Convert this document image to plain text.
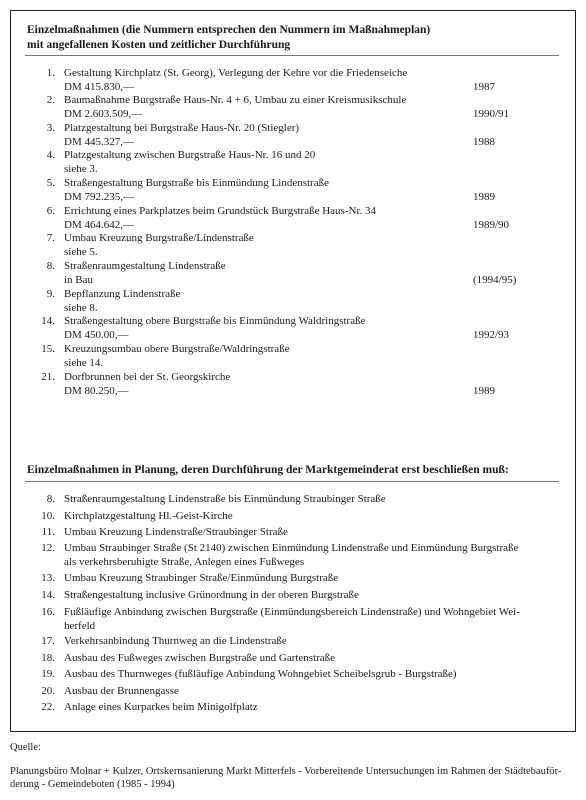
Einzelmaßnahmen (die Nummern entsprechen den Nummern im Maßnahmeplan)
mit angefallenen Kosten und zeitlicher Durchführung
1. Gestaltung Kirchplatz (St. Georg), Verlegung der Kehre vor die Friedenseiche
DM 415.830,—	1987
2. Baumaßnahme Burgstraße Haus-Nr. 4 + 6, Umbau zu einer Kreismusikschule
DM 2.603.509,—	1990/91
3. Platzgestaltung bei Burgstraße Haus-Nr. 20 (Stiegler)
DM 445.327,—	1988
4. Platzgestaltung zwischen Burgstraße Haus-Nr. 16 und 20
siehe 3.
5. Straßengestaltung Burgstraße bis Einmündung Lindenstraße
DM 792.235,—	1989
6. Errichtung eines Parkplatzes beim Grundstück Burgstraße Haus-Nr. 34
DM 464.642,—	1989/90
7. Umbau Kreuzung Burgstraße/Lindenstraße
siehe 5.
8. Straßenraumgestaltung Lindenstraße
in Bau	(1994/95)
9. Bepflanzung Lindenstraße
siehe 8.
14. Straßengestaltung obere Burgstraße bis Einmündung Waldringstraße
DM 450.00,—	1992/93
15. Kreuzungsumbau obere Burgstraße/Waldringstraße
siehe 14.
21. Dorfbrunnen bei der St. Georgskirche
DM 80.250,—	1989
Einzelmaßnahmen in Planung, deren Durchführung der Marktgemeinderat erst beschließen muß:
8. Straßenraumgestaltung Lindenstraße bis Einmündung Straubinger Straße
10. Kirchplatzgestaltung Hl.-Geist-Kirche
11. Umbau Kreuzung Lindenstraße/Straubinger Straße
12. Umbau Straubinger Straße (St 2140) zwischen Einmündung Lindenstraße und Einmündung Burgstraße
als verkehrsberuhigte Straße, Anlegen eines Fußweges
13. Umbau Kreuzung Straubinger Straße/Einmündung Burgstraße
14. Straßengestaltung inclusive Grünordnung in der oberen Burgstraße
16. Fußläufige Anbindung zwischen Burgstraße (Einmündungsbereich Lindenstraße) und Wohngebiet Wei-
herfeld
17. Verkehrsanbindung Thurnweg an die Lindenstraße
18. Ausbau des Fußweges zwischen Burgstraße und Gartenstraße
19. Ausbau des Thurnweges (fußläufige Anbindung Wohngebiet Scheibelsgrub - Burgstraße)
20. Ausbau der Brunnengasse
22. Anlage eines Kurparkes beim Minigolfplatz
Quelle:
Planungsbüro Molnar + Kulzer, Ortskernsanierung Markt Mitterfels - Vorbereitende Untersuchungen im Rahmen der Städtebauför-
derung - Gemeindeboten (1985 - 1994)
